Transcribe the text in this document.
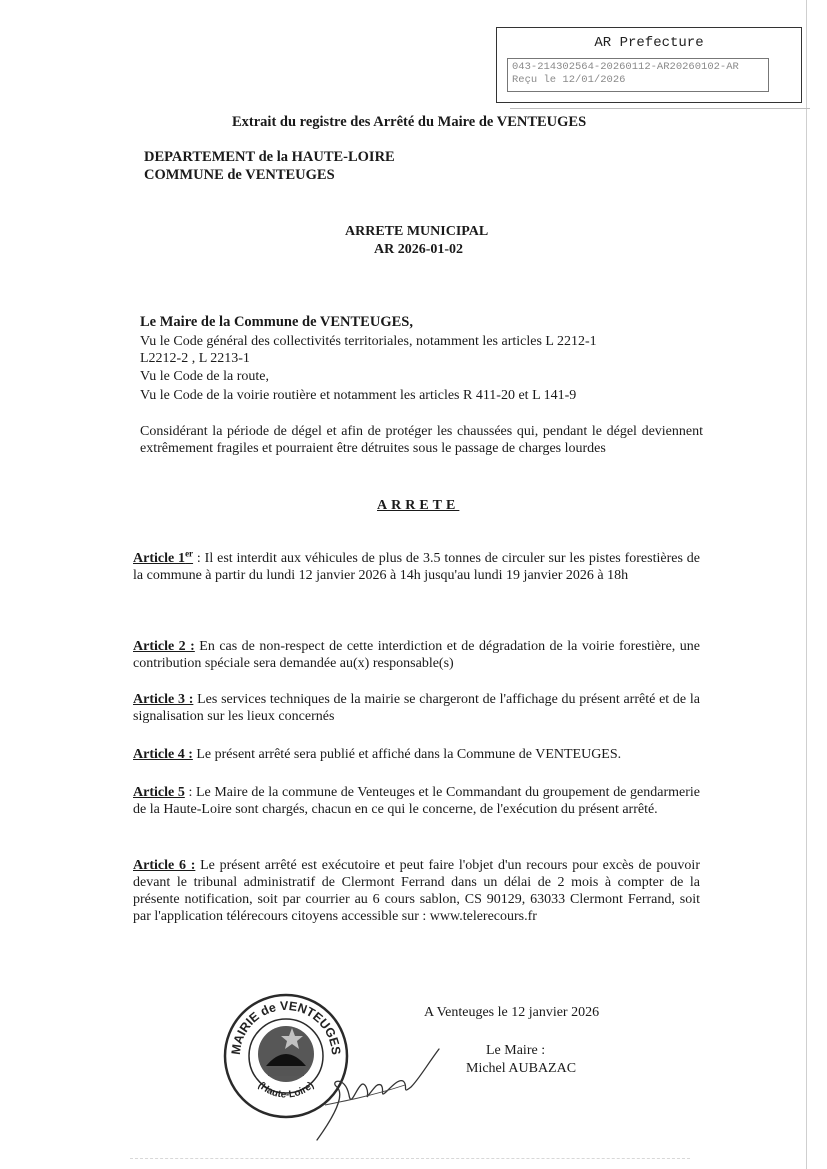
AR Prefecture
043-214302564-20260112-AR20260102-AR
Reçu le 12/01/2026
Extrait du registre des Arrêté du Maire de VENTEUGES
DEPARTEMENT de la HAUTE-LOIRE
COMMUNE de VENTEUGES
ARRETE MUNICIPAL
AR 2026-01-02
Le Maire de la Commune de VENTEUGES,
Vu le Code général des collectivités territoriales, notamment les articles L 2212-1
L2212-2 , L 2213-1
Vu le Code de la route,
Vu le Code de la voirie routière et notamment les articles R 411-20 et L 141-9
Considérant la période de dégel et afin de protéger les chaussées qui, pendant le dégel deviennent extrêmement fragiles et pourraient être détruites sous le passage de charges lourdes
ARRETE
Article 1er : Il est interdit aux véhicules de plus de 3.5 tonnes de circuler sur les pistes forestières de la commune à partir du lundi 12 janvier 2026 à 14h jusqu'au lundi 19 janvier 2026 à 18h
Article 2 : En cas de non-respect de cette interdiction et de dégradation de la voirie forestière, une contribution spéciale sera demandée au(x) responsable(s)
Article 3 : Les services techniques de la mairie se chargeront de l'affichage du présent arrêté et de la signalisation sur les lieux concernés
Article 4 : Le présent arrêté sera publié et affiché dans la Commune de VENTEUGES.
Article 5 : Le Maire de la commune de Venteuges et le Commandant du groupement de gendarmerie de la Haute-Loire sont chargés, chacun en ce qui le concerne, de l'exécution du présent arrêté.
Article 6 : Le présent arrêté est exécutoire et peut faire l'objet d'un recours pour excès de pouvoir devant le tribunal administratif de Clermont Ferrand dans un délai de 2 mois à compter de la présente notification, soit par courrier au 6 cours sablon, CS 90129, 63033 Clermont Ferrand, soit par l'application télérecours citoyens accessible sur : www.telerecours.fr
A Venteuges le 12 janvier 2026
Le Maire :
Michel AUBAZAC
MAIRIE de VENTEUGES
(Haute-Loire)
